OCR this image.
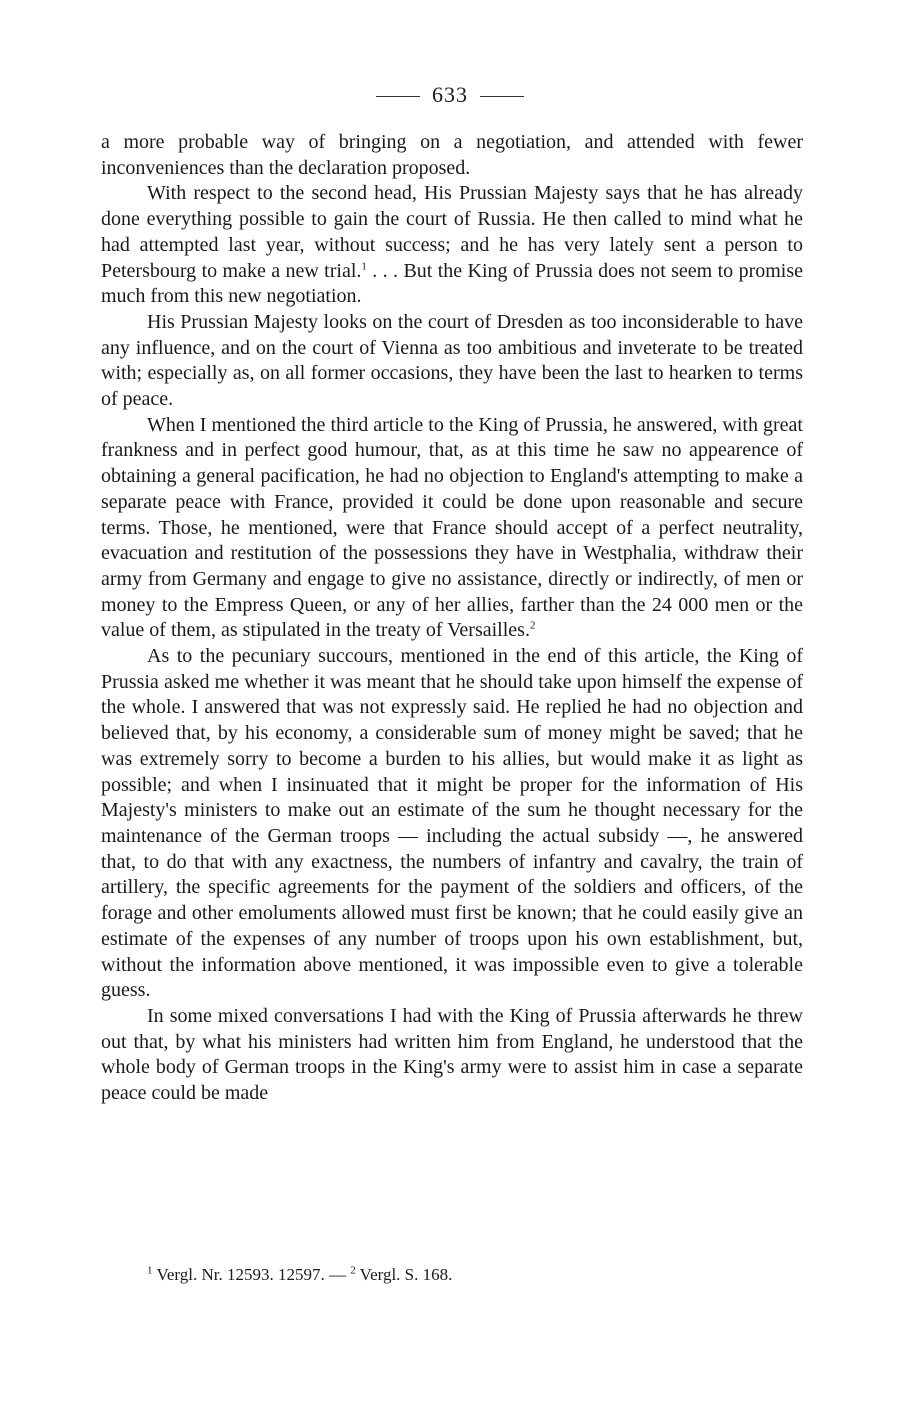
633

a more probable way of bringing on a negotiation, and attended with fewer inconveniences than the declaration proposed.

With respect to the second head, His Prussian Majesty says that he has already done everything possible to gain the court of Russia. He then called to mind what he had attempted last year, without success; and he has very lately sent a person to Petersbourg to make a new trial.$^1$ . . . But the King of Prussia does not seem to promise much from this new negotiation.

His Prussian Majesty looks on the court of Dresden as too inconsiderable to have any influence, and on the court of Vienna as too ambitious and inveterate to be treated with; especially as, on all former occasions, they have been the last to hearken to terms of peace.

When I mentioned the third article to the King of Prussia, he answered, with great frankness and in perfect good humour, that, as at this time he saw no appearence of obtaining a general pacification, he had no objection to England's attempting to make a separate peace with France, provided it could be done upon reasonable and secure terms. Those, he mentioned, were that France should accept of a perfect neutrality, evacuation and restitution of the possessions they have in Westphalia, withdraw their army from Germany and engage to give no assistance, directly or indirectly, of men or money to the Empress Queen, or any of her allies, farther than the 24 000 men or the value of them, as stipulated in the treaty of Versailles.$^2$

As to the pecuniary succours, mentioned in the end of this article, the King of Prussia asked me whether it was meant that he should take upon himself the expense of the whole. I answered that was not expressly said. He replied he had no objection and believed that, by his economy, a considerable sum of money might be saved; that he was extremely sorry to become a burden to his allies, but would make it as light as possible; and when I insinuated that it might be proper for the information of His Majesty's ministers to make out an estimate of the sum he thought necessary for the maintenance of the German troops — including the actual subsidy —, he answered that, to do that with any exactness, the numbers of infantry and cavalry, the train of artillery, the specific agreements for the payment of the soldiers and officers, of the forage and other emoluments allowed must first be known; that he could easily give an estimate of the expenses of any number of troops upon his own establishment, but, without the information above mentioned, it was impossible even to give a tolerable guess.

In some mixed conversations I had with the King of Prussia afterwards he threw out that, by what his ministers had written him from England, he understood that the whole body of German troops in the King's army were to assist him in case a separate peace could be made

$^1$ Vergl. Nr. 12593. 12597. — $^2$ Vergl. S. 168.
